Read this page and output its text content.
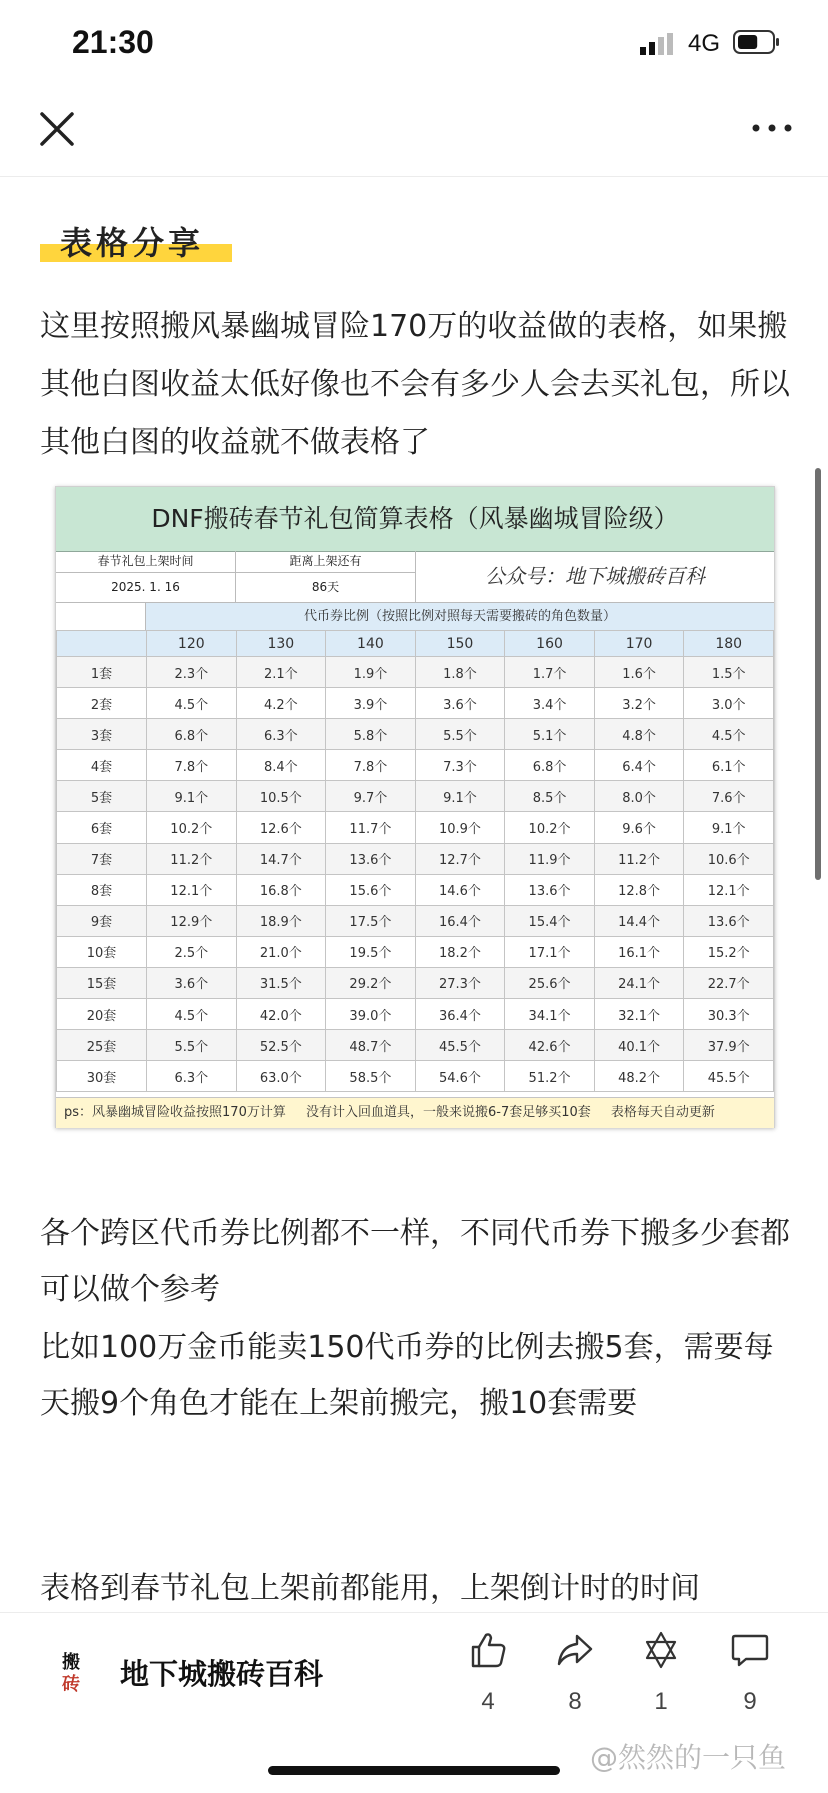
21:30	4G
表格分享
这里按照搬风暴幽城冒险170万的收益做的表格，如果搬其他白图收益太低好像也不会有多少人会去买礼包，所以其他白图的收益就不做表格了
DNF搬砖春节礼包简算表格（风暴幽城冒险级）
春节礼包上架时间	距离上架还有
2025. 1. 16	86天	公众号：地下城搬砖百科
代币券比例（按照比例对照每天需要搬砖的角色数量）
	120	130	140	150	160	170	180
1套	2.3个	2.1个	1.9个	1.8个	1.7个	1.6个	1.5个
2套	4.5个	4.2个	3.9个	3.6个	3.4个	3.2个	3.0个
3套	6.8个	6.3个	5.8个	5.5个	5.1个	4.8个	4.5个
4套	7.8个	8.4个	7.8个	7.3个	6.8个	6.4个	6.1个
5套	9.1个	10.5个	9.7个	9.1个	8.5个	8.0个	7.6个
6套	10.2个	12.6个	11.7个	10.9个	10.2个	9.6个	9.1个
7套	11.2个	14.7个	13.6个	12.7个	11.9个	11.2个	10.6个
8套	12.1个	16.8个	15.6个	14.6个	13.6个	12.8个	12.1个
9套	12.9个	18.9个	17.5个	16.4个	15.4个	14.4个	13.6个
10套	2.5个	21.0个	19.5个	18.2个	17.1个	16.1个	15.2个
15套	3.6个	31.5个	29.2个	27.3个	25.6个	24.1个	22.7个
20套	4.5个	42.0个	39.0个	36.4个	34.1个	32.1个	30.3个
25套	5.5个	52.5个	48.7个	45.5个	42.6个	40.1个	37.9个
30套	6.3个	63.0个	58.5个	54.6个	51.2个	48.2个	45.5个
ps：风暴幽城冒险收益按照170万计算 没有计入回血道具，一般来说搬6-7套足够买10套 表格每天自动更新
各个跨区代币券比例都不一样，不同代币券下搬多少套都可以做个参考
比如100万金币能卖150代币券的比例去搬5套，需要每天搬9个角色才能在上架前搬完，搬10套需要
表格到春节礼包上架前都能用，上架倒计时的时间
搬
砖 地下城搬砖百科
4	8	1	9
@然然的一只鱼
